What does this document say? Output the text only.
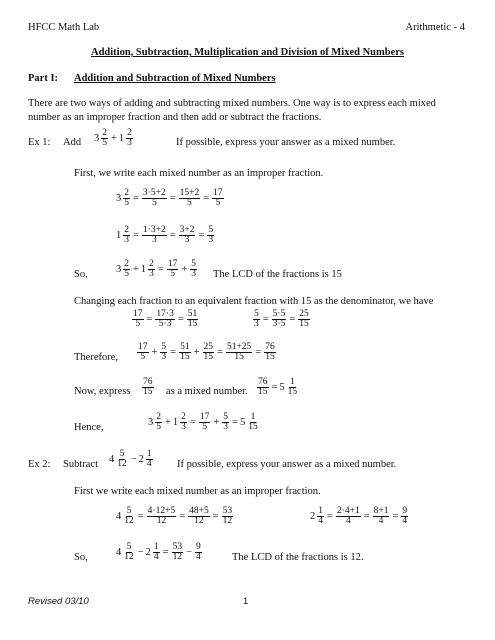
HFCC Math Lab	Arithmetic - 4
Addition, Subtraction, Multiplication and Division of Mixed Numbers
Part I: Addition and Subtraction of Mixed Numbers
There are two ways of adding and subtracting mixed numbers. One way is to express each mixed number as an improper fraction and then add or subtract the fractions.
Ex 1: Add $3 \frac{2}{5} + 1 \frac{2}{3}$	If possible, express your answer as a mixed number.
First, we write each mixed number as an improper fraction.
$3 \frac{2}{5} = \frac{3\cdot 5+2}{5} = \frac{15+2}{5} = \frac{17}{5}$
$1 \frac{2}{3} = \frac{1\cdot 3+2}{3} = \frac{3+2}{3} = \frac{5}{3}$
So,	$3 \frac{2}{5} + 1 \frac{2}{3} = \frac{17}{5} + \frac{5}{3}$ The LCD of the fractions is 15
Changing each fraction to an equivalent fraction with 15 as the denominator, we have
$\frac{17}{5} = \frac{17\cdot 3}{5\cdot 3} = \frac{51}{15}$	$\frac{5}{3} = \frac{5\cdot 5}{3\cdot 5} = \frac{25}{15}$
Therefore, $\frac{17}{5} + \frac{5}{3} = \frac{51}{15} + \frac{25}{15} = \frac{51+25}{15} = \frac{76}{15}$
Now, express $\frac{76}{15}$ as a mixed number. $\frac{76}{15} = 5 \frac{1}{15}$
Hence,	$3 \frac{2}{5} + 1 \frac{2}{3} = \frac{17}{5} + \frac{5}{3} = 5 \frac{1}{15}$
Ex 2: Subtract $4 \frac{5}{12} - 2 \frac{1}{4}$ If possible, express your answer as a mixed number.
First we write each mixed number as an improper fraction.
$4 \frac{5}{12} = \frac{4\cdot 12+5}{12} = \frac{48+5}{12} = \frac{53}{12}$	$2 \frac{1}{4} = \frac{2\cdot 4+1}{4} = \frac{8+1}{4} = \frac{9}{4}$
So,	$4 \frac{5}{12} - 2 \frac{1}{4} = \frac{53}{12} - \frac{9}{4}$	The LCD of the fractions is 12.
Revised 03/10	1
